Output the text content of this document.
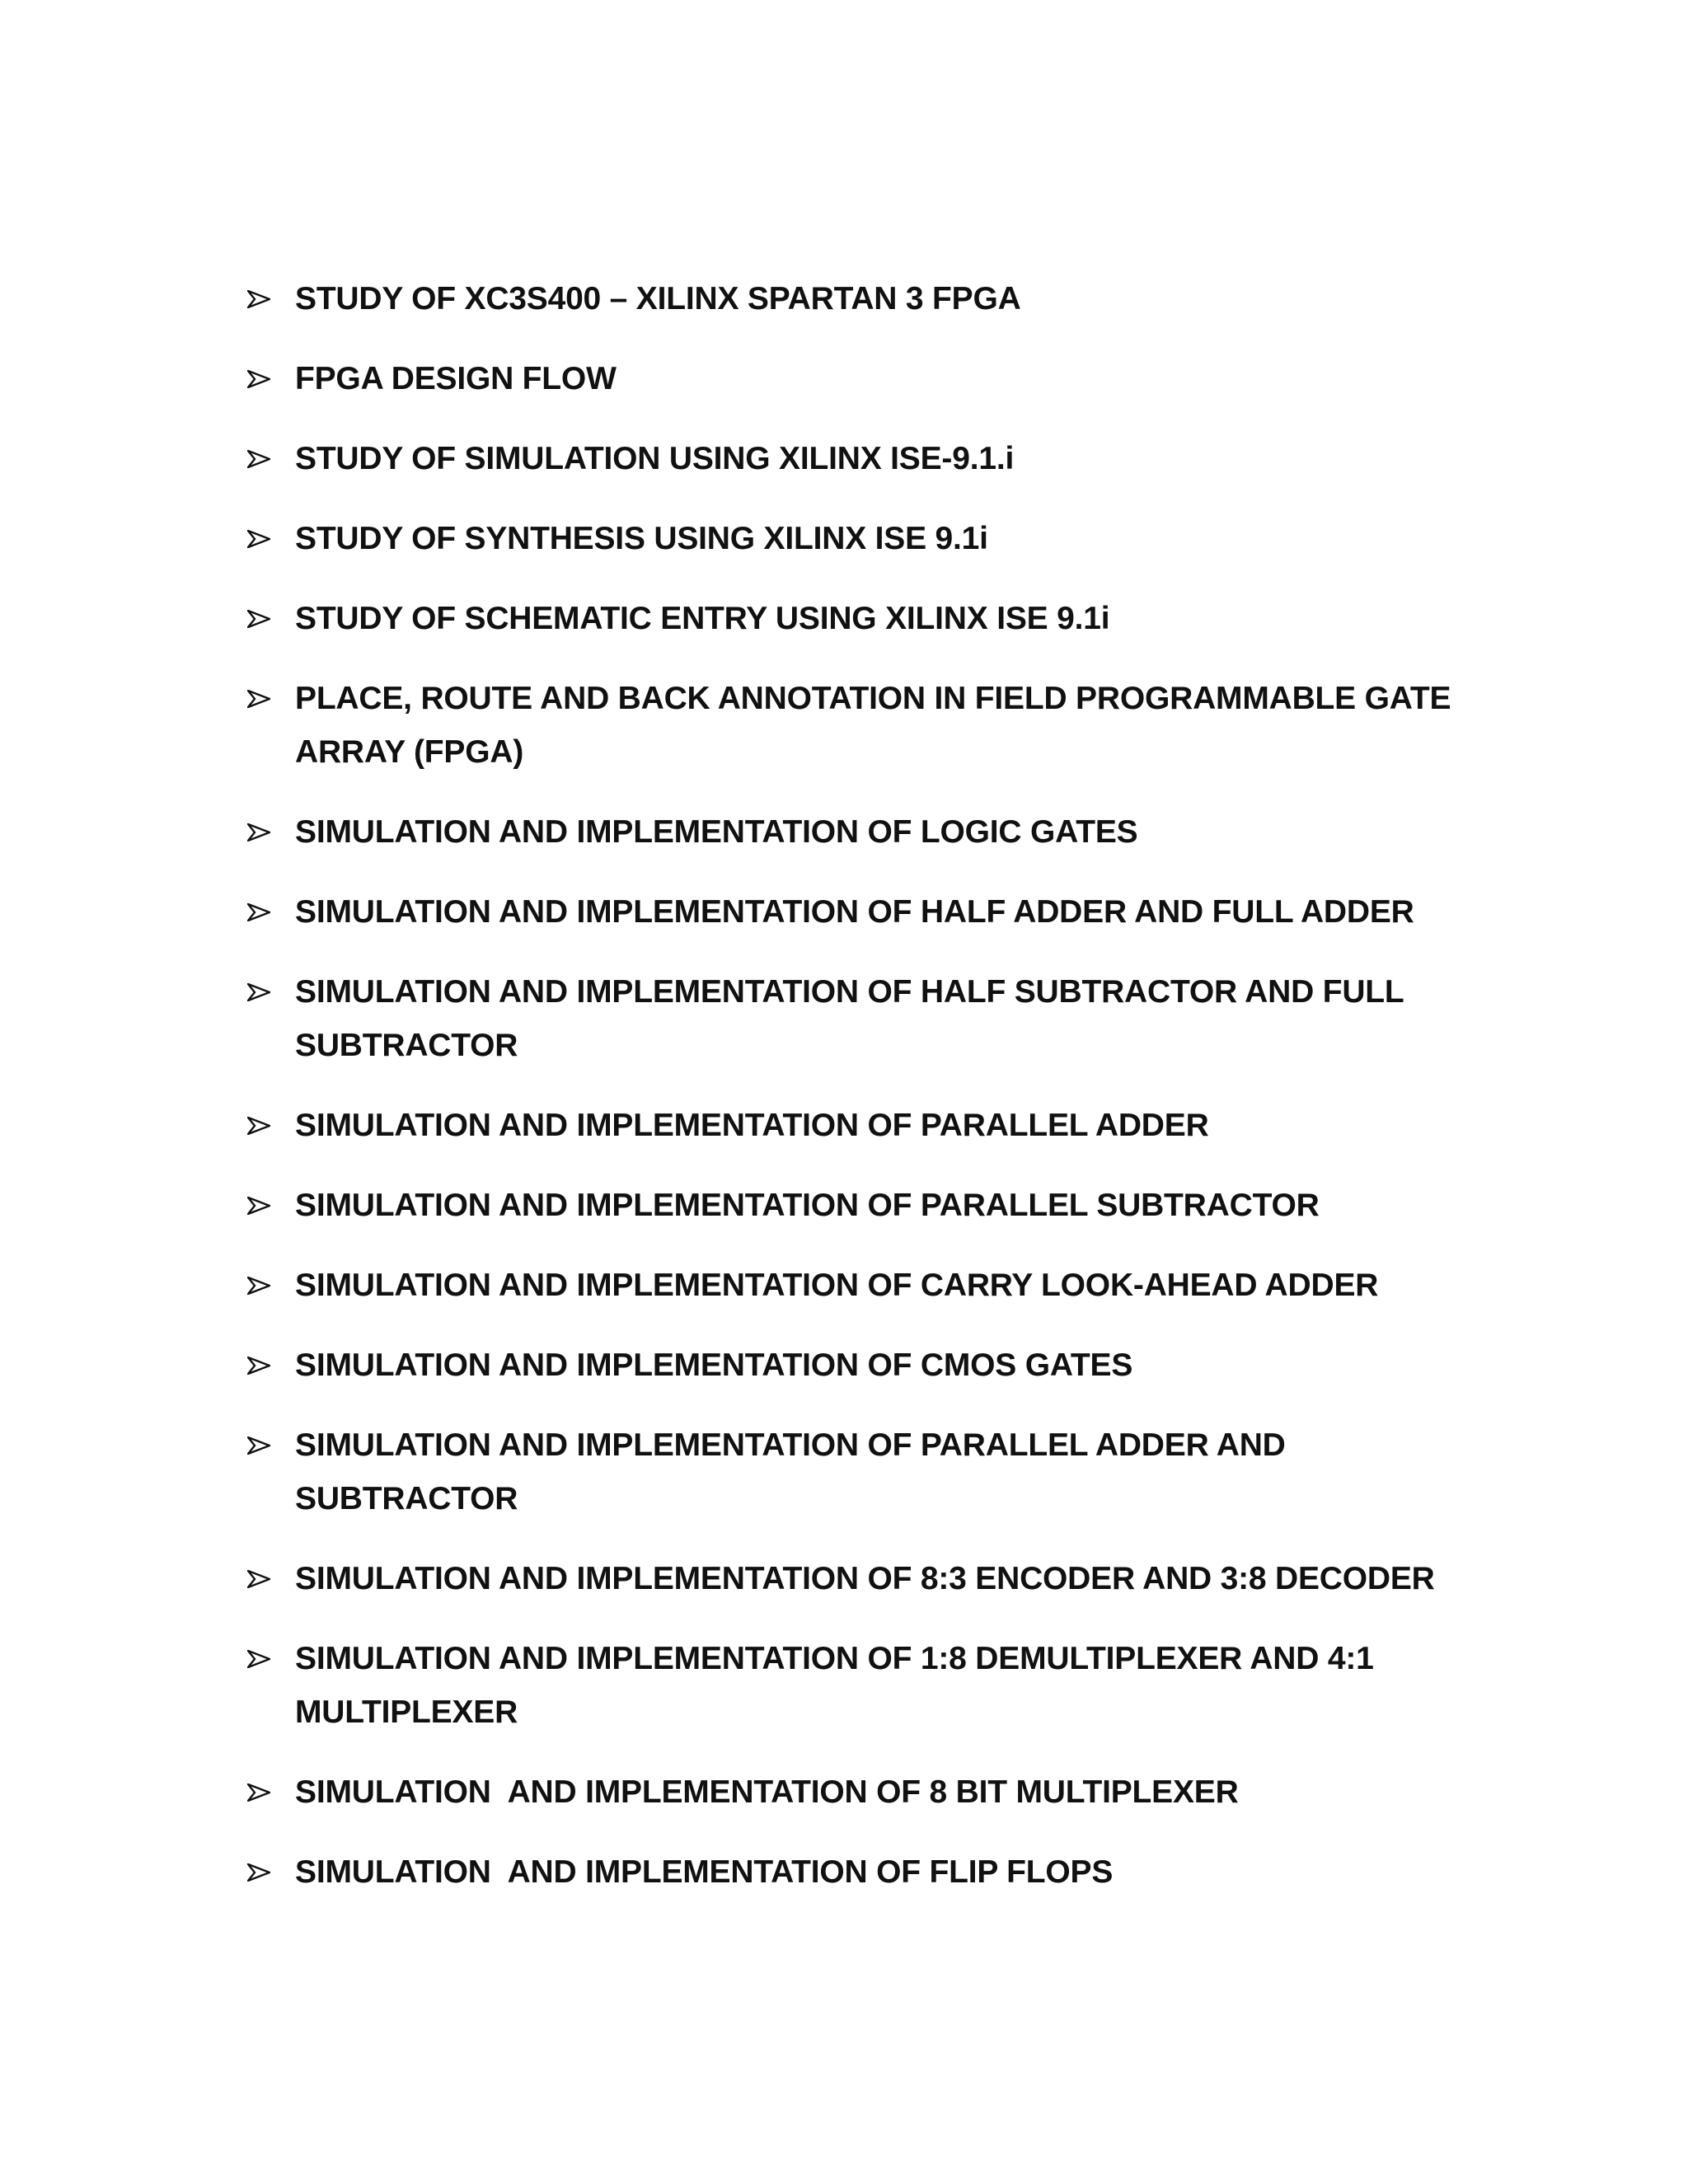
STUDY OF XC3S400 – XILINX SPARTAN 3 FPGA
FPGA DESIGN FLOW
STUDY OF SIMULATION USING XILINX ISE-9.1.i
STUDY OF SYNTHESIS USING XILINX ISE 9.1i
STUDY OF SCHEMATIC ENTRY USING XILINX ISE 9.1i
PLACE, ROUTE AND BACK ANNOTATION IN FIELD PROGRAMMABLE GATE ARRAY (FPGA)
SIMULATION AND IMPLEMENTATION OF LOGIC GATES
SIMULATION AND IMPLEMENTATION OF HALF ADDER AND FULL ADDER
SIMULATION AND IMPLEMENTATION OF HALF SUBTRACTOR AND FULL SUBTRACTOR
SIMULATION AND IMPLEMENTATION OF PARALLEL ADDER
SIMULATION AND IMPLEMENTATION OF PARALLEL SUBTRACTOR
SIMULATION AND IMPLEMENTATION OF CARRY LOOK-AHEAD ADDER
SIMULATION AND IMPLEMENTATION OF CMOS GATES
SIMULATION AND IMPLEMENTATION OF PARALLEL ADDER AND SUBTRACTOR
SIMULATION AND IMPLEMENTATION OF 8:3 ENCODER AND 3:8 DECODER
SIMULATION AND IMPLEMENTATION OF 1:8 DEMULTIPLEXER AND 4:1 MULTIPLEXER
SIMULATION  AND IMPLEMENTATION OF 8 BIT MULTIPLEXER
SIMULATION  AND IMPLEMENTATION OF FLIP FLOPS
